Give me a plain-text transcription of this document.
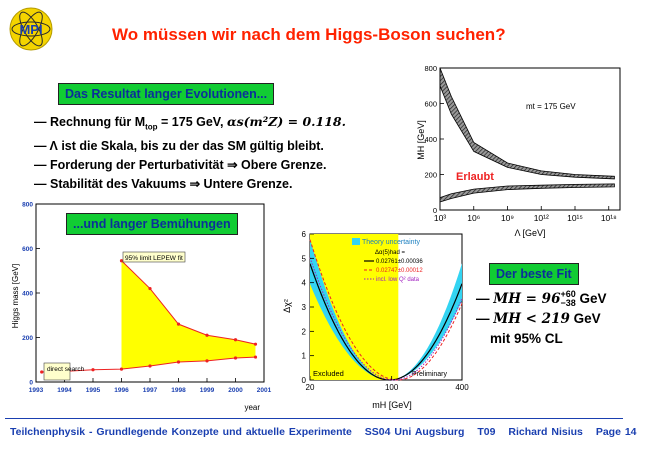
MPI	Wo müssen wir nach dem Higgs-Boson suchen?
Das Resultat langer Evolutionen...
— Rechnung für $M_{top} = 175$ GeV, αs(m²Z) = 0.118.
— Λ ist die Skala, bis zu der das SM gültig bleibt.
— Forderung der Perturbativität ⇒ Obere Grenze.
— Stabilität des Vakuums ⇒ Untere Grenze.
1993 1994 1995 1996 1997 1998 1999 2000 2001
0
200
400
600
800
95% limit LEPEW fit
direct search
year
Higgs mass [GeV]
...und langer Bemühungen
20	100	400
0
1
2
3
4
5
6
Theory uncertainty
Δα(5)had =
0.02761±0.00036
0.02747±0.00012
incl. low Q² data
Excluded	Preliminary
mH [GeV]
Δχ²
10³ 10⁶ 10⁹ 10¹² 10¹⁵ 10¹⁸
0
200
400
600
800
mt = 175 GeV
Erlaubt
Λ [GeV]
MH [GeV]
Der beste Fit
— MH = 96 +60
−38 GeV
— MH < 219 GeV
mit 95% CL
Teilchenphysik - Grundlegende Konzepte und aktuelle Experimente SS04 Uni Augsburg T09 Richard Nisius Page 14
